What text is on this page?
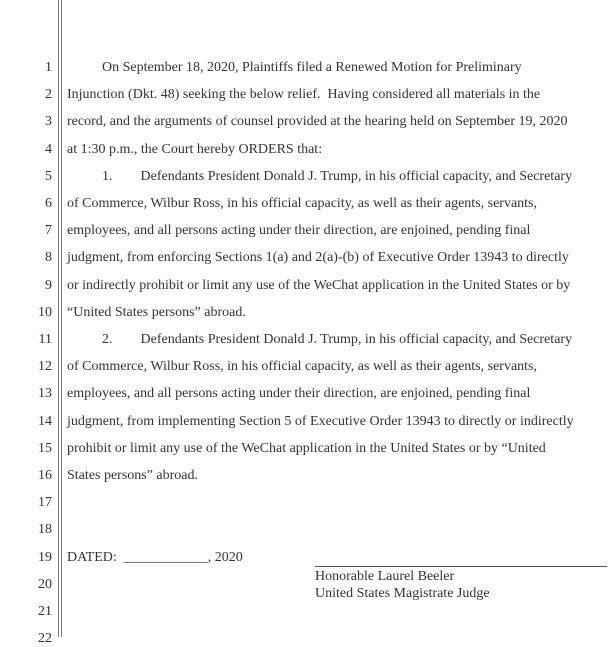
1
2
3
4
5
6
7
8
9
10
11
12
13
14
15
16
17
18
19
20
21
22
On September 18, 2020, Plaintiffs filed a Renewed Motion for Preliminary
Injunction (Dkt. 48) seeking the below relief.  Having considered all materials in the
record, and the arguments of counsel provided at the hearing held on September 19, 2020
at 1:30 p.m., the Court hereby ORDERS that:
1.        Defendants President Donald J. Trump, in his official capacity, and Secretary
of Commerce, Wilbur Ross, in his official capacity, as well as their agents, servants,
employees, and all persons acting under their direction, are enjoined, pending final
judgment, from enforcing Sections 1(a) and 2(a)-(b) of Executive Order 13943 to directly
or indirectly prohibit or limit any use of the WeChat application in the United States or by
“United States persons” abroad.
2.        Defendants President Donald J. Trump, in his official capacity, and Secretary
of Commerce, Wilbur Ross, in his official capacity, as well as their agents, servants,
employees, and all persons acting under their direction, are enjoined, pending final
judgment, from implementing Section 5 of Executive Order 13943 to directly or indirectly
prohibit or limit any use of the WeChat application in the United States or by “United
States persons” abroad.
DATED:  ____________, 2020
Honorable Laurel Beeler
United States Magistrate Judge
